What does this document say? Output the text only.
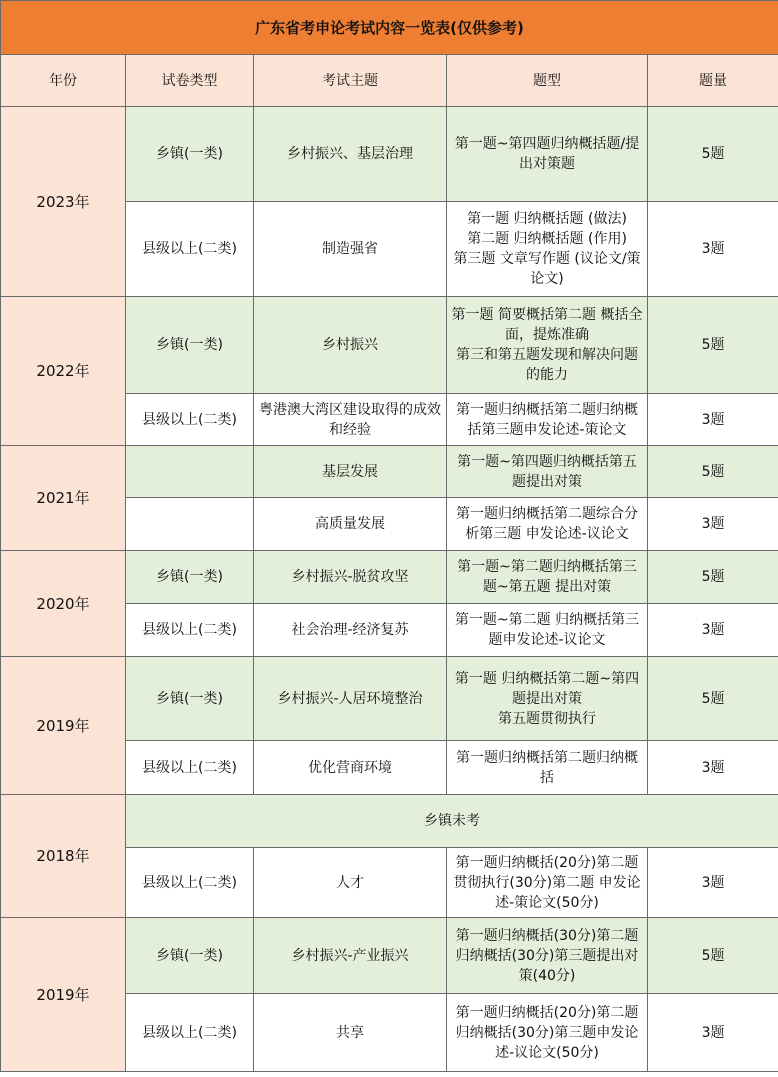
广东省考申论考试内容一览表(仅供参考)				
年份	试卷类型	考试主题	题型	题量
2023年	乡镇(一类)	乡村振兴、基层治理	第一题~第四题归纳概括题/提出对策题	5题
	县级以上(二类)	制造强省	第一题 归纳概括题 (做法)
第二题 归纳概括题 (作用)
第三题 文章写作题 (议论文/策论文)	3题
2022年	乡镇(一类)	乡村振兴	第一题 简要概括第二题 概括全面，提炼准确
第三和第五题发现和解决问题的能力	5题
	县级以上(二类)	粤港澳大湾区建设取得的成效和经验	第一题归纳概括第二题归纳概括第三题申发论述-策论文	3题
2021年		基层发展	第一题~第四题归纳概括第五题提出对策	5题
		高质量发展	第一题归纳概括第二题综合分析第三题 申发论述-议论文	3题
2020年	乡镇(一类)	乡村振兴-脱贫攻坚	第一题~第二题归纳概括第三题~第五题 提出对策	5题
	县级以上(二类)	社会治理-经济复苏	第一题~第二题 归纳概括第三题申发论述-议论文	3题
2019年	乡镇(一类)	乡村振兴-人居环境整治	第一题 归纳概括第二题~第四题提出对策
第五题贯彻执行	5题
	县级以上(二类)	优化营商环境	第一题归纳概括第二题归纳概括	3题
2018年	乡镇未考			
	县级以上(二类)	人才	第一题归纳概括(20分)第二题贯彻执行(30分)第二题 申发论述-策论文(50分)	3题
2019年	乡镇(一类)	乡村振兴-产业振兴	第一题归纳概括(30分)第二题归纳概括(30分)第三题提出对策(40分)	5题
	县级以上(二类)	共享	第一题归纳概括(20分)第二题归纳概括(30分)第三题申发论述-议论文(50分)	3题
